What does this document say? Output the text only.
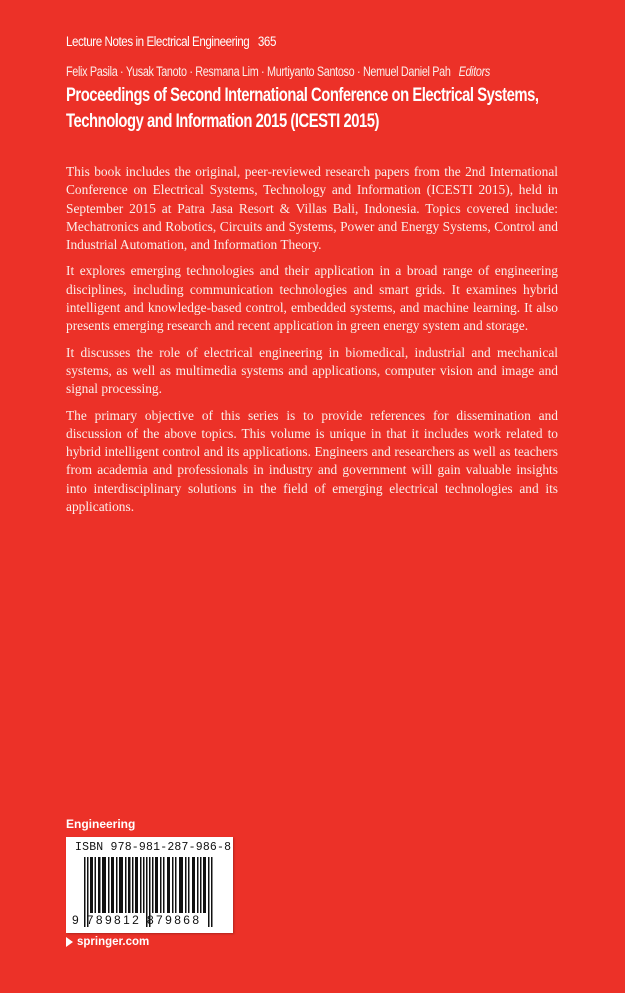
Lecture Notes in Electrical Engineering 365
Felix Pasila · Yusak Tanoto · Resmana Lim · Murtiyanto Santoso · Nemuel Daniel Pah Editors
Proceedings of Second International Conference on Electrical Systems,
Technology and Information 2015 (ICESTI 2015)

This book includes the original, peer-reviewed research papers from the 2nd International Conference on Electrical Systems, Technology and Information (ICESTI 2015), held in September 2015 at Patra Jasa Resort & Villas Bali, Indonesia. Topics covered include: Mechatronics and Robotics, Circuits and Systems, Power and Energy Systems, Control and Industrial Automation, and Information Theory.

It explores emerging technologies and their application in a broad range of engineering disciplines, including communication technologies and smart grids. It examines hybrid intelligent and knowledge-based control, embedded systems, and machine learning. It also presents emerging research and recent application in green energy system and storage.

It discusses the role of electrical engineering in biomedical, industrial and mechanical systems, as well as multimedia systems and applications, computer vision and image and signal processing.

The primary objective of this series is to provide references for dissemination and discussion of the above topics. This volume is unique in that it includes work related to hybrid intelligent control and its applications. Engineers and researchers as well as teachers from academia and professionals in industry and government will gain valuable insights into interdisciplinary solutions in the field of emerging electrical technologies and its applications.

Engineering
ISBN 978-981-287-986-8
9 789812 879868
springer.com
